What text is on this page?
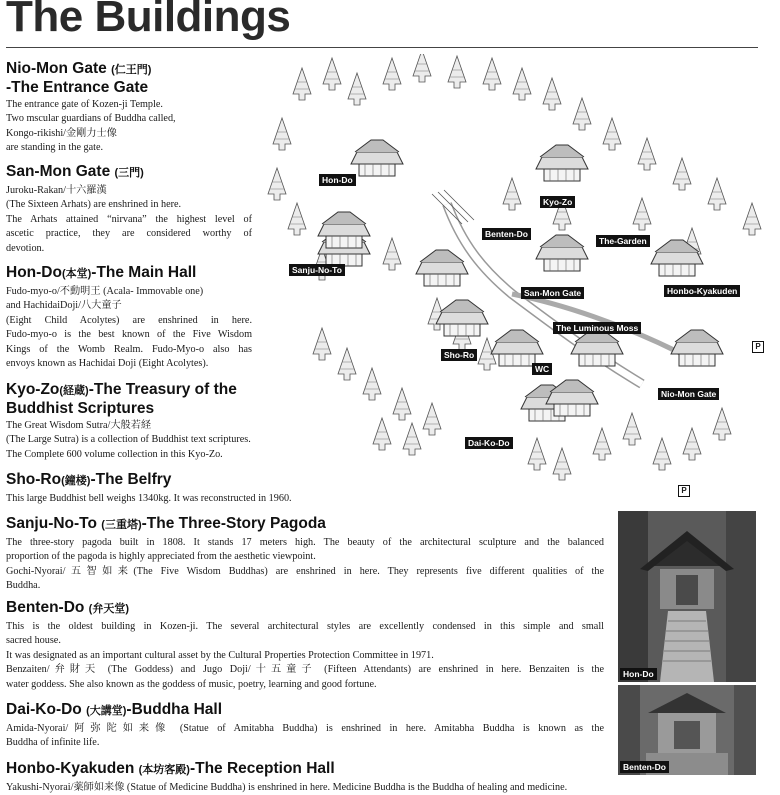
The Buildings
Nio-Mon Gate (仁王門)
-The Entrance Gate

The entrance gate of Kozen-ji Temple.
Two mscular guardians of Buddha called,
Kongo-rikishi/金剛力士像
are standing in the gate.

San-Mon Gate (三門)

Juroku-Rakan/十六羅漢
(The Sixteen Arhats) are enshrined in here.
The Arhats attained “nirvana” the highest level of
ascetic practice, they are considered worthy of
devotion.

Hon-Do(本堂)-The Main Hall

Fudo-myo-o/不動明王 (Acala- Immovable one)
and HachidaiDoji/八大童子
(Eight Child Acolytes) are enshrined in here.
Fudo-myo-o is the best known of the Five Wisdom
Kings of the Womb Realm. Fudo-Myo-o also has
envoys known as Hachidai Doji (Eight Acolytes).

Kyo-Zo(経蔵)-The Treasury of the
Buddhist Scriptures

The Great Wisdom Sutra/大般若経
(The Large Sutra) is a collection of Buddhist text scriptures.
The Complete 600 volume collection in this Kyo-Zo.

Sho-Ro(鐘楼)-The Belfry

This large Buddhist bell weighs 1340kg. It was reconstructed in 1960.

Sanju-No-To (三重塔)-The Three-Story Pagoda

The three-story pagoda built in 1808. It stands 17 meters high. The beauty of the architectural sculpture and the balanced
proportion of the pagoda is highly appreciated from the aesthetic viewpoint.
Gochi-Nyorai/五智如来(The Five Wisdom Buddhas) are enshrined in here. They represents five different qualities of the
Buddha.

Benten-Do (弁天堂)

This is the oldest building in Kozen-ji. The several architectural styles are excellently condensed in this simple and small
sacred house.
It was designated as an important cultural asset by the Cultural Properties Protection Committee in 1971.
Benzaiten/弁財天 (The Goddess) and Jugo Doji/十五童子 (Fifteen Attendants) are enshrined in here. Benzaiten is the
water goddess. She also known as the goddess of music, poetry, learning and good fortune.

Dai-Ko-Do (大講堂)-Buddha Hall

Amida-Nyorai/阿弥陀如来像 (Statue of Amitabha Buddha) is enshrined in here. Amitabha Buddha is known as the
Buddha of infinite life.

Honbo-Kyakuden (本坊客殿)-The Reception Hall

Yakushi-Nyorai/薬師如来像 (Statue of Medicine Buddha) is enshrined in here. Medicine Buddha is the Buddha of healing and medicine.

Hon-Do
Kyo-Zo
Benten-Do
The-Garden
Sanju-No-To
San-Mon Gate	Honbo-Kyakuden
The Luminous Moss
Sho-Ro
WC
Nio-Mon Gate
Dai-Ko-Do
P
P
Hon-Do
Benten-Do
